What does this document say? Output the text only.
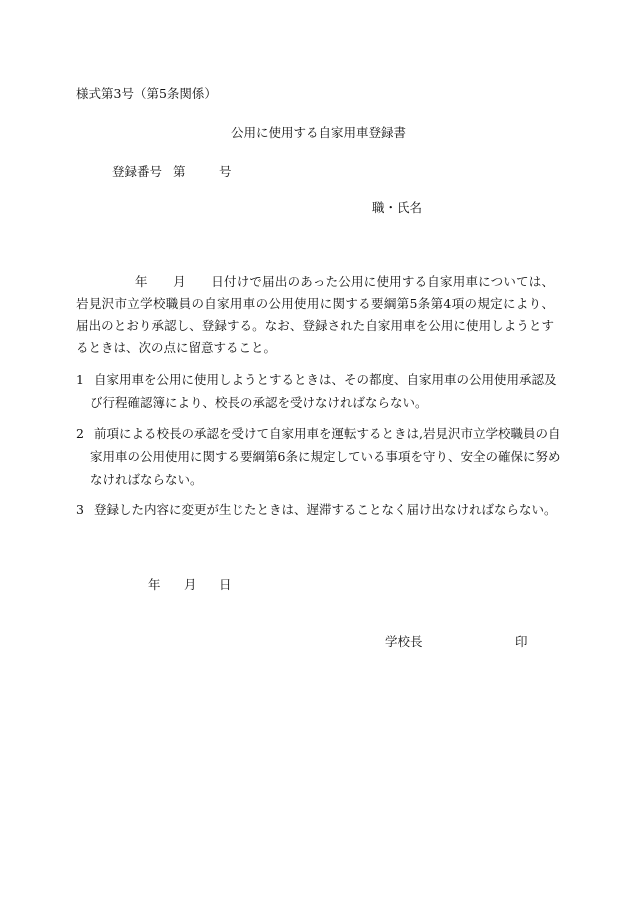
様式第3号（第5条関係）
公用に使用する自家用車登録書
登録番号 第	号
職・氏名
年　　月　　日付けで届出のあった公用に使用する自家用車については、岩見沢市立学校職員の自家用車の公用使用に関する要綱第5条第4項の規定により、届出のとおり承認し、登録する。なお、登録された自家用車を公用に使用しようとするときは、次の点に留意すること。
1 自家用車を公用に使用しようとするときは、その都度、自家用車の公用使用承認及び行程確認簿により、校長の承認を受けなければならない。
2 前項による校長の承認を受けて自家用車を運転するときは,岩見沢市立学校職員の自家用車の公用使用に関する要綱第6条に規定している事項を守り、安全の確保に努めなければならない。
3 登録した内容に変更が生じたときは、遅滞することなく届け出なければならない。
年 月 日
学校長	印
